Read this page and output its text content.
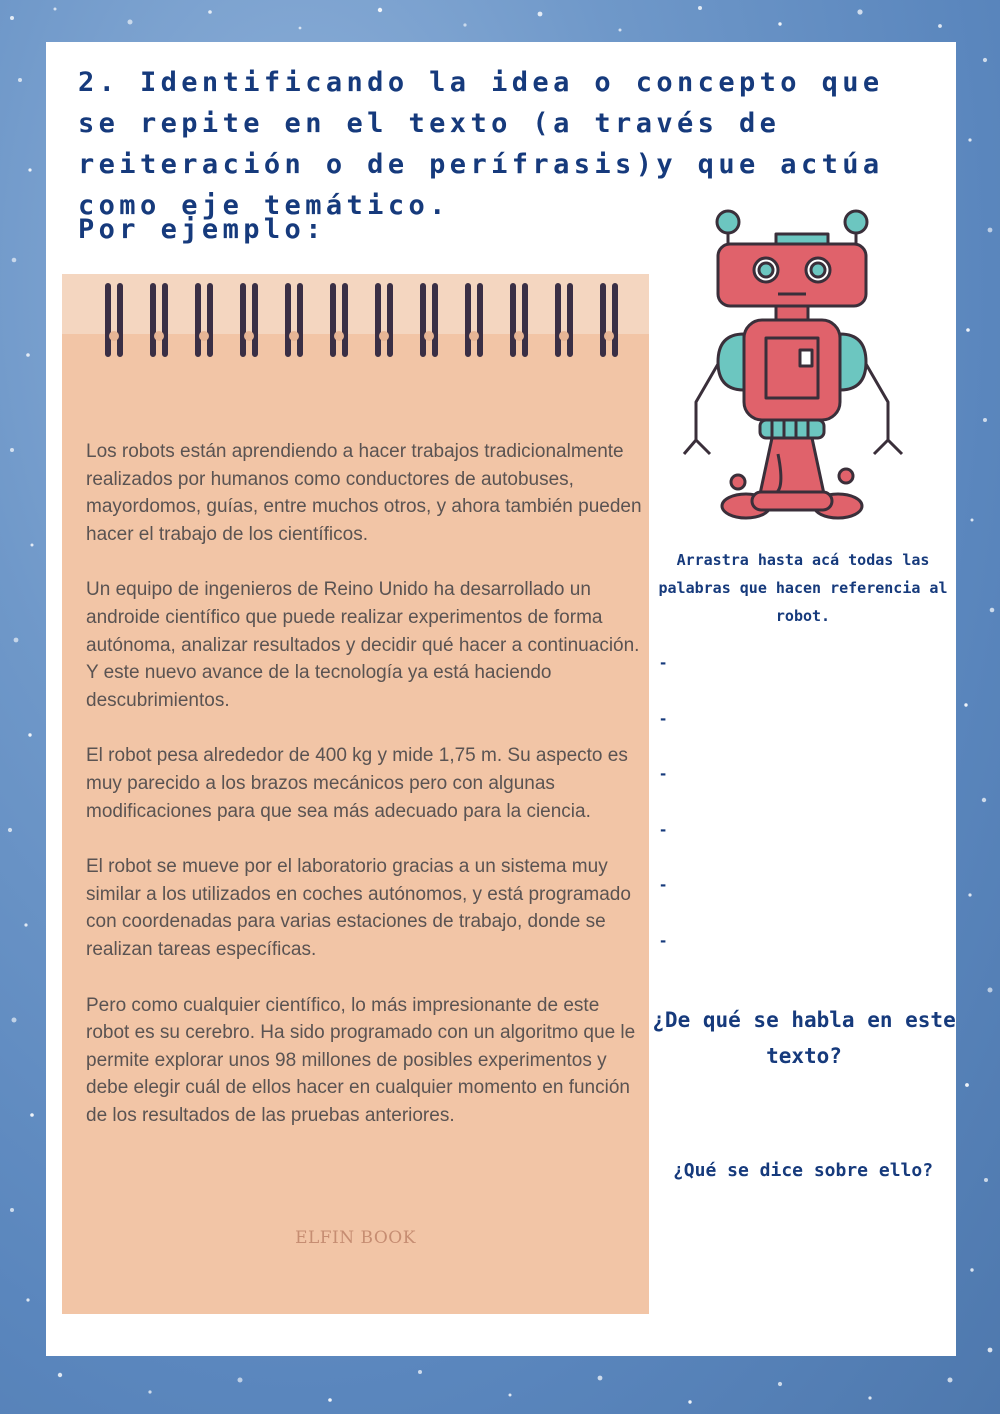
2. Identificando la idea o concepto que se repite en el texto (a través de reiteración o de perífrasis)y que actúa como eje temático.
Por ejemplo:

Los robots están aprendiendo a hacer trabajos tradicionalmente realizados por humanos como conductores de autobuses, mayordomos, guías, entre muchos otros, y ahora también pueden hacer el trabajo de los científicos.

Un equipo de ingenieros de Reino Unido ha desarrollado un androide científico que puede realizar experimentos de forma autónoma, analizar resultados y decidir qué hacer a continuación. Y este nuevo avance de la tecnología ya está haciendo descubrimientos.

El robot pesa alrededor de 400 kg y mide 1,75 m. Su aspecto es muy parecido a los brazos mecánicos pero con algunas modificaciones para que sea más adecuado para la ciencia.

El robot se mueve por el laboratorio gracias a un sistema muy similar a los utilizados en coches autónomos, y está programado con coordenadas para varias estaciones de trabajo, donde se realizan tareas específicas.

Pero como cualquier científico, lo más impresionante de este robot es su cerebro. Ha sido programado con un algoritmo que le permite explorar unos 98 millones de posibles experimentos y debe elegir cuál de ellos hacer en cualquier momento en función de los resultados de las pruebas anteriores.

ELFIN BOOK
Arrastra hasta acá todas las palabras que hacen referencia al robot.
-
-
-
-
-
-
¿De qué se habla en este texto?
¿Qué se dice sobre ello?
